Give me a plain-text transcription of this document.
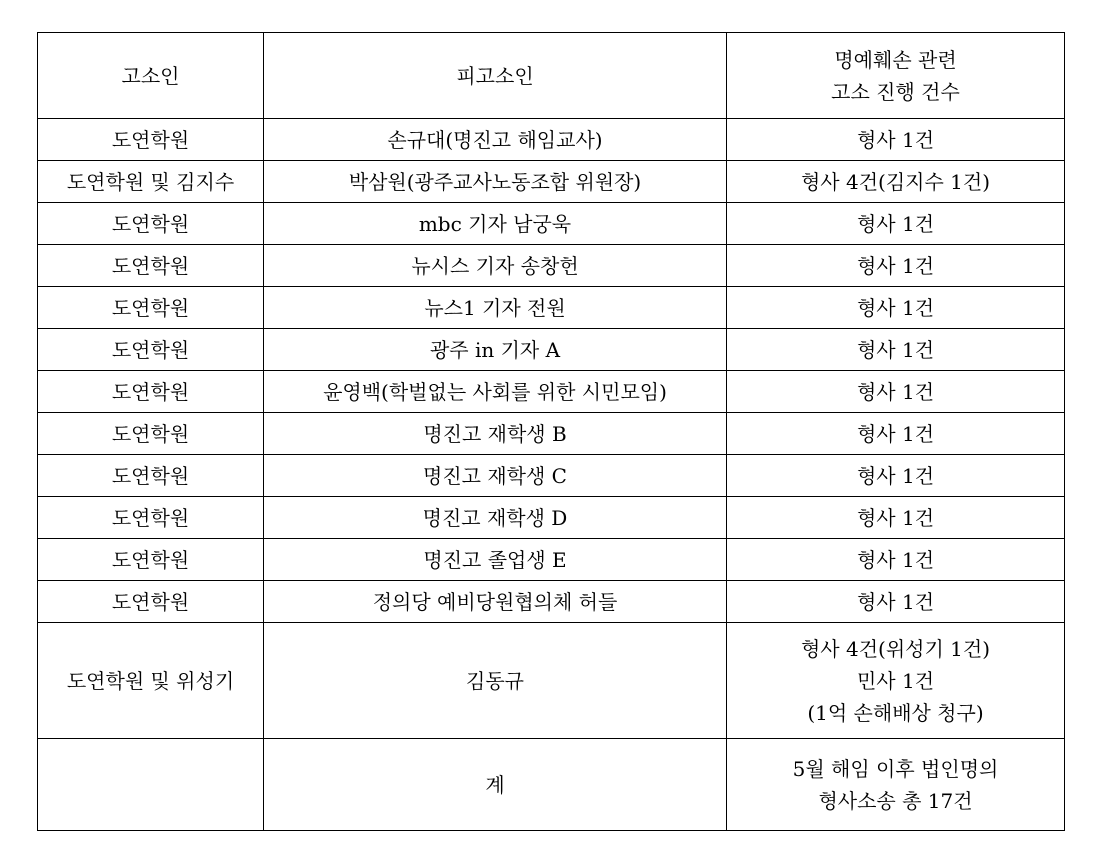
고소인	피고소인	명예훼손 관련
고소 진행 건수

도연학원	손규대(명진고 해임교사)	형사 1건

도연학원 및 김지수	박삼원(광주교사노동조합 위원장)	형사 4건(김지수 1건)

도연학원	mbc 기자 남궁욱	형사 1건

도연학원	뉴시스 기자 송창헌	형사 1건

도연학원	뉴스1 기자 전원	형사 1건

도연학원	광주 in 기자 A	형사 1건

도연학원	윤영백(학벌없는 사회를 위한 시민모임)	형사 1건

도연학원	명진고 재학생 B	형사 1건

도연학원	명진고 재학생 C	형사 1건

도연학원	명진고 재학생 D	형사 1건

도연학원	명진고 졸업생 E	형사 1건

도연학원	정의당 예비당원협의체 허들	형사 1건

도연학원 및 위성기	김동규	형사 4건(위성기 1건)
민사 1건
(1억 손해배상 청구)

	계	5월 해임 이후 법인명의
형사소송 총 17건
